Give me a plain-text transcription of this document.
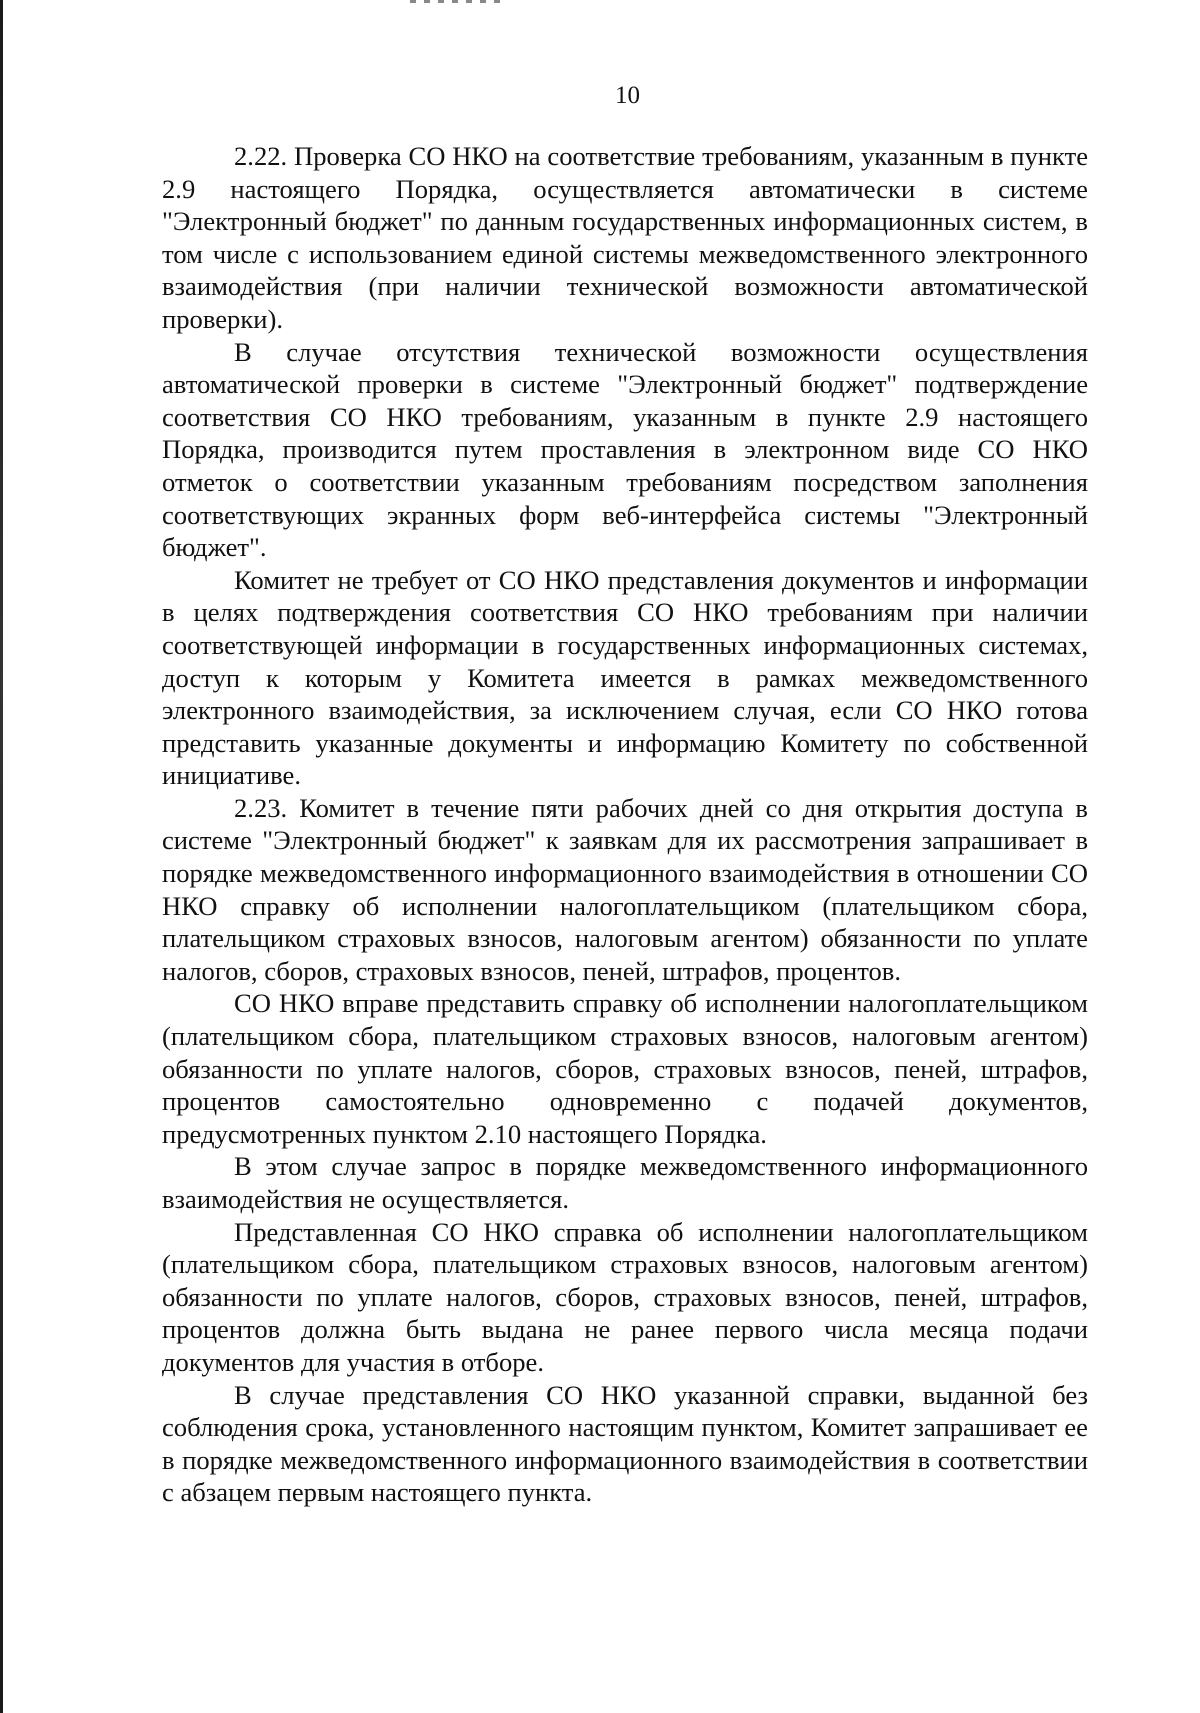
10

2.22. Проверка СО НКО на соответствие требованиям, указанным в пункте 2.9 настоящего Порядка, осуществляется автоматически в системе "Электронный бюджет" по данным государственных информационных систем, в том числе с использованием единой системы межведомственного электронного взаимодействия (при наличии технической возможности автоматической проверки).

В случае отсутствия технической возможности осуществления автоматической проверки в системе "Электронный бюджет" подтверждение соответствия СО НКО требованиям, указанным в пункте 2.9 настоящего Порядка, производится путем проставления в электронном виде СО НКО отметок о соответствии указанным требованиям посредством заполнения соответствующих экранных форм веб-интерфейса системы "Электронный бюджет".

Комитет не требует от СО НКО представления документов и информации в целях подтверждения соответствия СО НКО требованиям при наличии соответствующей информации в государственных информационных системах, доступ к которым у Комитета имеется в рамках межведомственного электронного взаимодействия, за исключением случая, если СО НКО готова представить указанные документы и информацию Комитету по собственной инициативе.

2.23. Комитет в течение пяти рабочих дней со дня открытия доступа в системе "Электронный бюджет" к заявкам для их рассмотрения запрашивает в порядке межведомственного информационного взаимодействия в отношении СО НКО справку об исполнении налогоплательщиком (плательщиком сбора, плательщиком страховых взносов, налоговым агентом) обязанности по уплате налогов, сборов, страховых взносов, пеней, штрафов, процентов.

СО НКО вправе представить справку об исполнении налогоплательщиком (плательщиком сбора, плательщиком страховых взносов, налоговым агентом) обязанности по уплате налогов, сборов, страховых взносов, пеней, штрафов, процентов самостоятельно одновременно с подачей документов, предусмотренных пунктом 2.10 настоящего Порядка.

В этом случае запрос в порядке межведомственного информационного взаимодействия не осуществляется.

Представленная СО НКО справка об исполнении налогоплательщиком (плательщиком сбора, плательщиком страховых взносов, налоговым агентом) обязанности по уплате налогов, сборов, страховых взносов, пеней, штрафов, процентов должна быть выдана не ранее первого числа месяца подачи документов для участия в отборе.

В случае представления СО НКО указанной справки, выданной без соблюдения срока, установленного настоящим пунктом, Комитет запрашивает ее в порядке межведомственного информационного взаимодействия в соответствии с абзацем первым настоящего пункта.
